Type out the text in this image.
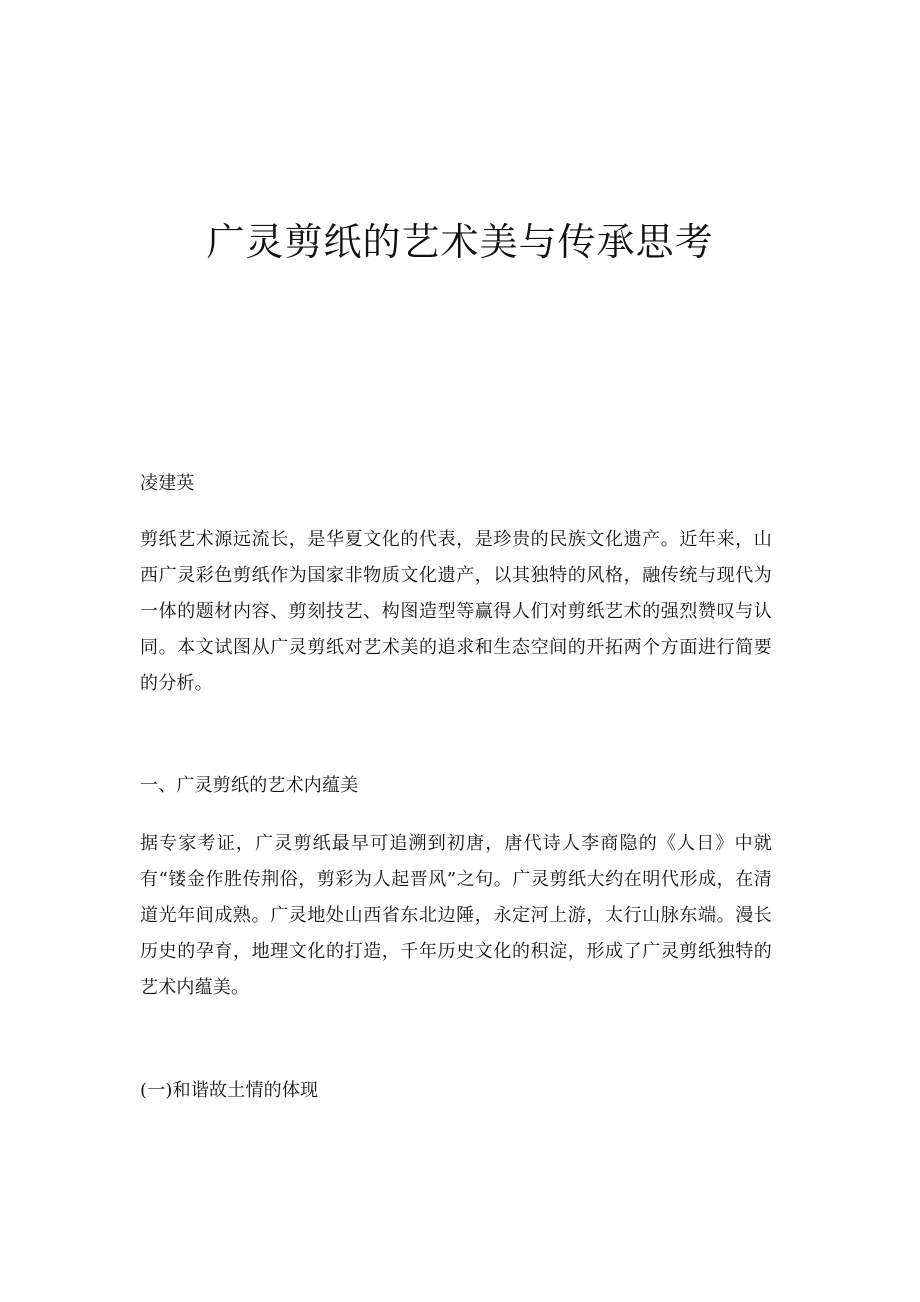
广灵剪纸的艺术美与传承思考

凌建英

剪纸艺术源远流长，是华夏文化的代表，是珍贵的民族文化遗产。近年来，山西广灵彩色剪纸作为国家非物质文化遗产，以其独特的风格，融传统与现代为一体的题材内容、剪刻技艺、构图造型等赢得人们对剪纸艺术的强烈赞叹与认同。本文试图从广灵剪纸对艺术美的追求和生态空间的开拓两个方面进行简要的分析。

一、广灵剪纸的艺术内蕴美

据专家考证，广灵剪纸最早可追溯到初唐，唐代诗人李商隐的《人日》中就有“镂金作胜传荆俗，剪彩为人起晋风”之句。广灵剪纸大约在明代形成，在清道光年间成熟。广灵地处山西省东北边陲，永定河上游，太行山脉东端。漫长历史的孕育，地理文化的打造，千年历史文化的积淀，形成了广灵剪纸独特的艺术内蕴美。

(一)和谐故土情的体现
